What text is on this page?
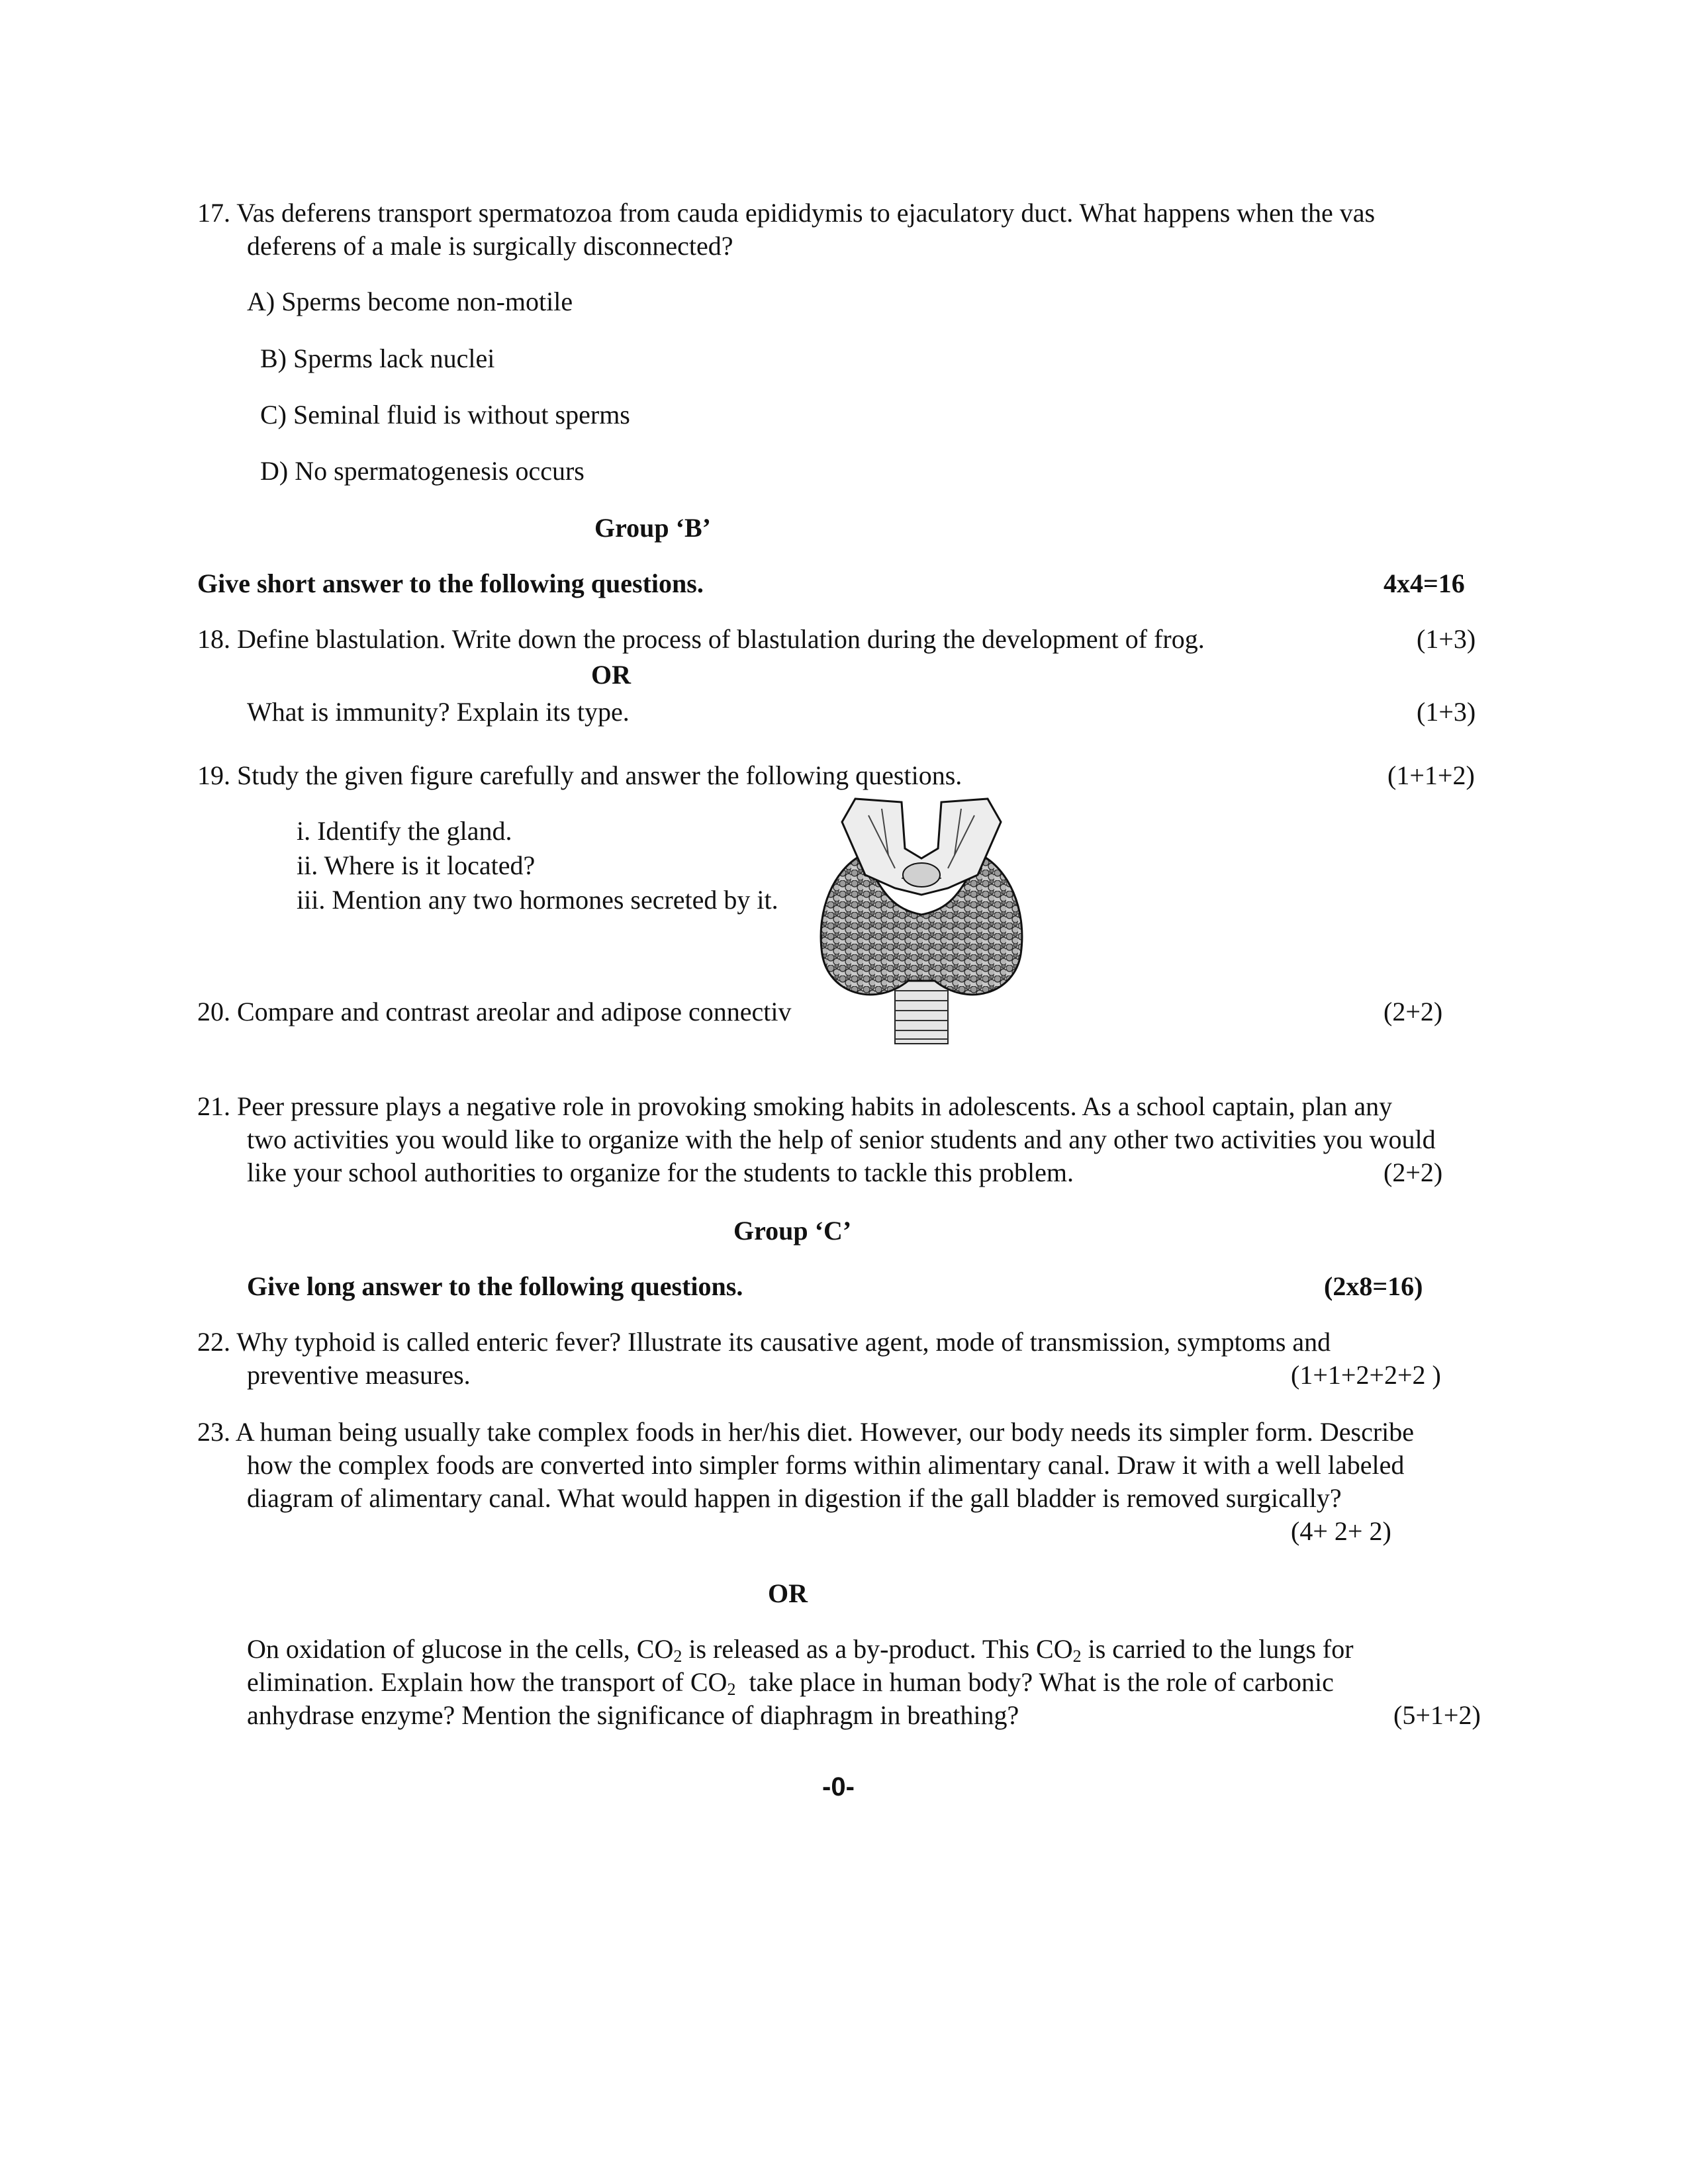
17. Vas deferens transport spermatozoa from cauda epididymis to ejaculatory duct. What happens when the vas
deferens of a male is surgically disconnected?
A) Sperms become non-motile
B) Sperms lack nuclei
C) Seminal fluid is without sperms
D) No spermatogenesis occurs
Group ‘B’
Give short answer to the following questions.	4x4=16
18. Define blastulation. Write down the process of blastulation during the development of frog.	(1+3)
OR
What is immunity? Explain its type.	(1+3)
19. Study the given figure carefully and answer the following questions.	(1+1+2)
i. Identify the gland.
ii. Where is it located?
iii. Mention any two hormones secreted by it.
20. Compare and contrast areolar and adipose connectiv	(2+2)
21. Peer pressure plays a negative role in provoking smoking habits in adolescents. As a school captain, plan any
two activities you would like to organize with the help of senior students and any other two activities you would
like your school authorities to organize for the students to tackle this problem.	(2+2)
Group ‘C’
Give long answer to the following questions.	(2x8=16)
22. Why typhoid is called enteric fever? Illustrate its causative agent, mode of transmission, symptoms and
preventive measures.	(1+1+2+2+2 )
23. A human being usually take complex foods in her/his diet. However, our body needs its simpler form. Describe
how the complex foods are converted into simpler forms within alimentary canal. Draw it with a well labeled
diagram of alimentary canal. What would happen in digestion if the gall bladder is removed surgically?
(4+ 2+ 2)
OR
On oxidation of glucose in the cells, $CO_2$ is released as a by-product. This $CO_2$ is carried to the lungs for
elimination. Explain how the transport of $CO_2$ take place in human body? What is the role of carbonic
anhydrase enzyme? Mention the significance of diaphragm in breathing?	(5+1+2)
-0-
